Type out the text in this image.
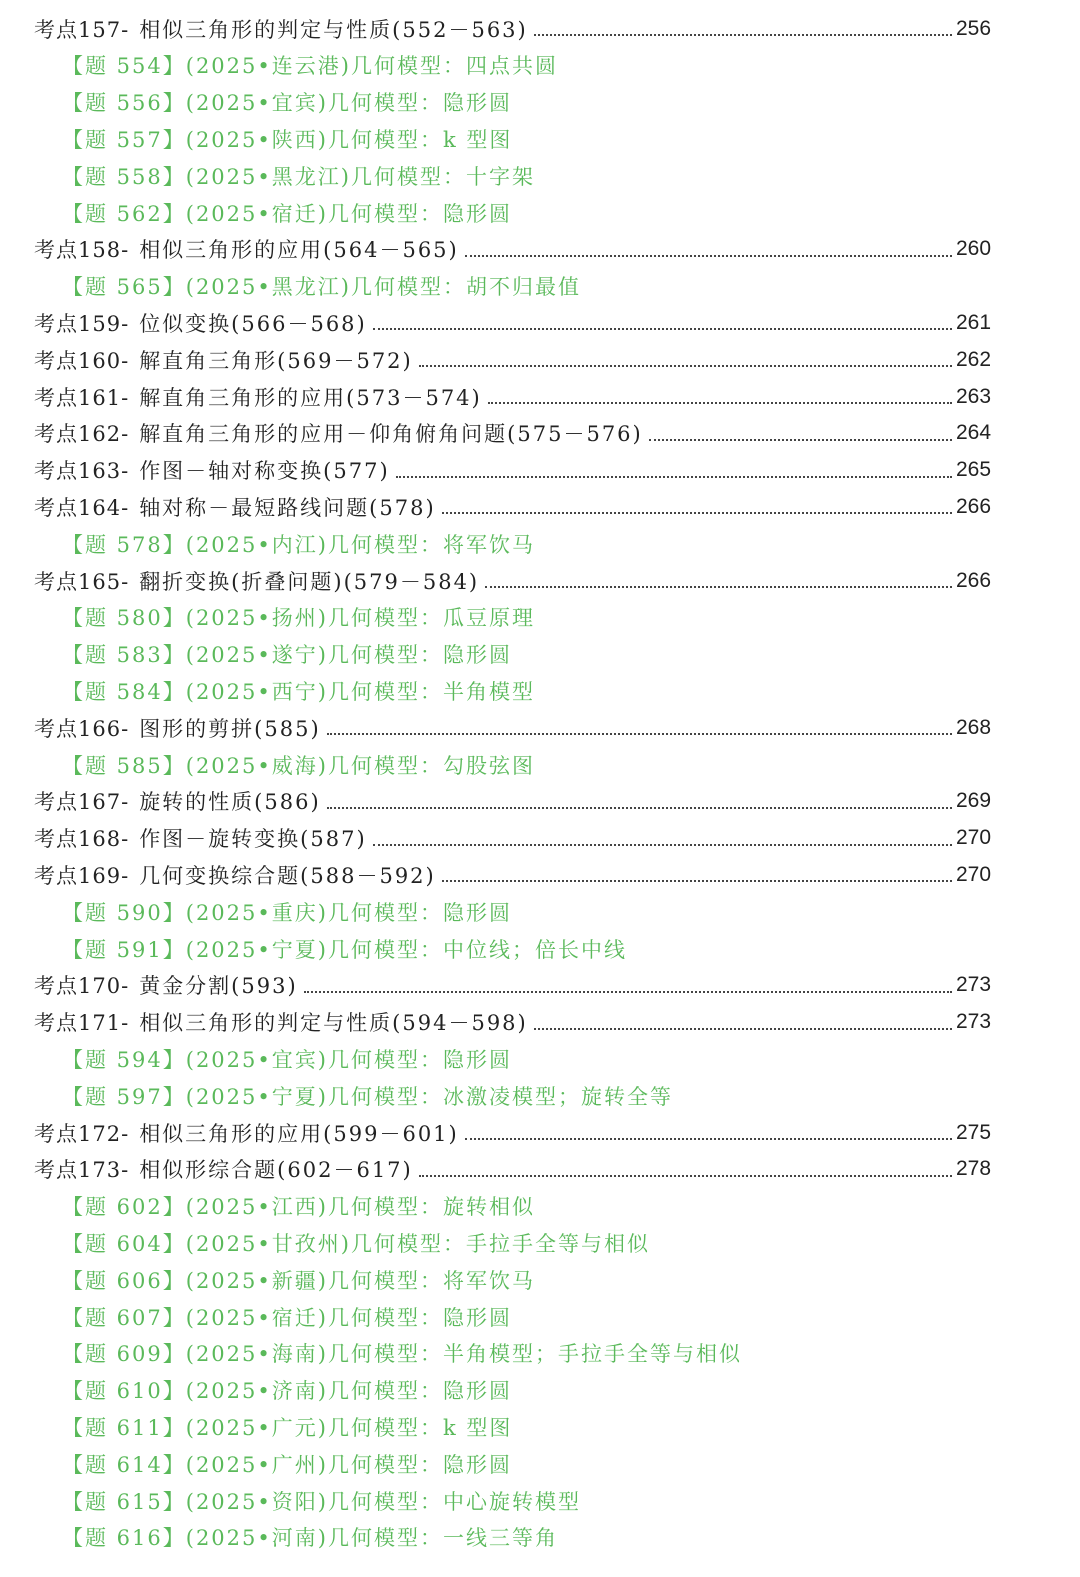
考点157- 相似三角形的判定与性质(552－563)	256
【题 554】(2025•连云港)几何模型：四点共圆
【题 556】(2025•宜宾)几何模型：隐形圆
【题 557】(2025•陕西)几何模型：k 型图
【题 558】(2025•黑龙江)几何模型：十字架
【题 562】(2025•宿迁)几何模型：隐形圆
考点158- 相似三角形的应用(564－565)	260
【题 565】(2025•黑龙江)几何模型：胡不归最值
考点159- 位似变换(566－568)	261
考点160- 解直角三角形(569－572)	262
考点161- 解直角三角形的应用(573－574)	263
考点162- 解直角三角形的应用－仰角俯角问题(575－576)	264
考点163- 作图－轴对称变换(577)	265
考点164- 轴对称－最短路线问题(578)	266
【题 578】(2025•内江)几何模型：将军饮马
考点165- 翻折变换(折叠问题)(579－584)	266
【题 580】(2025•扬州)几何模型：瓜豆原理
【题 583】(2025•遂宁)几何模型：隐形圆
【题 584】(2025•西宁)几何模型：半角模型
考点166- 图形的剪拼(585)	268
【题 585】(2025•威海)几何模型：勾股弦图
考点167- 旋转的性质(586)	269
考点168- 作图－旋转变换(587)	270
考点169- 几何变换综合题(588－592)	270
【题 590】(2025•重庆)几何模型：隐形圆
【题 591】(2025•宁夏)几何模型：中位线；倍长中线
考点170- 黄金分割(593)	273
考点171- 相似三角形的判定与性质(594－598)	273
【题 594】(2025•宜宾)几何模型：隐形圆
【题 597】(2025•宁夏)几何模型：冰激凌模型；旋转全等
考点172- 相似三角形的应用(599－601)	275
考点173- 相似形综合题(602－617)	278
【题 602】(2025•江西)几何模型：旋转相似
【题 604】(2025•甘孜州)几何模型：手拉手全等与相似
【题 606】(2025•新疆)几何模型：将军饮马
【题 607】(2025•宿迁)几何模型：隐形圆
【题 609】(2025•海南)几何模型：半角模型；手拉手全等与相似
【题 610】(2025•济南)几何模型：隐形圆
【题 611】(2025•广元)几何模型：k 型图
【题 614】(2025•广州)几何模型：隐形圆
【题 615】(2025•资阳)几何模型：中心旋转模型
【题 616】(2025•河南)几何模型：一线三等角
